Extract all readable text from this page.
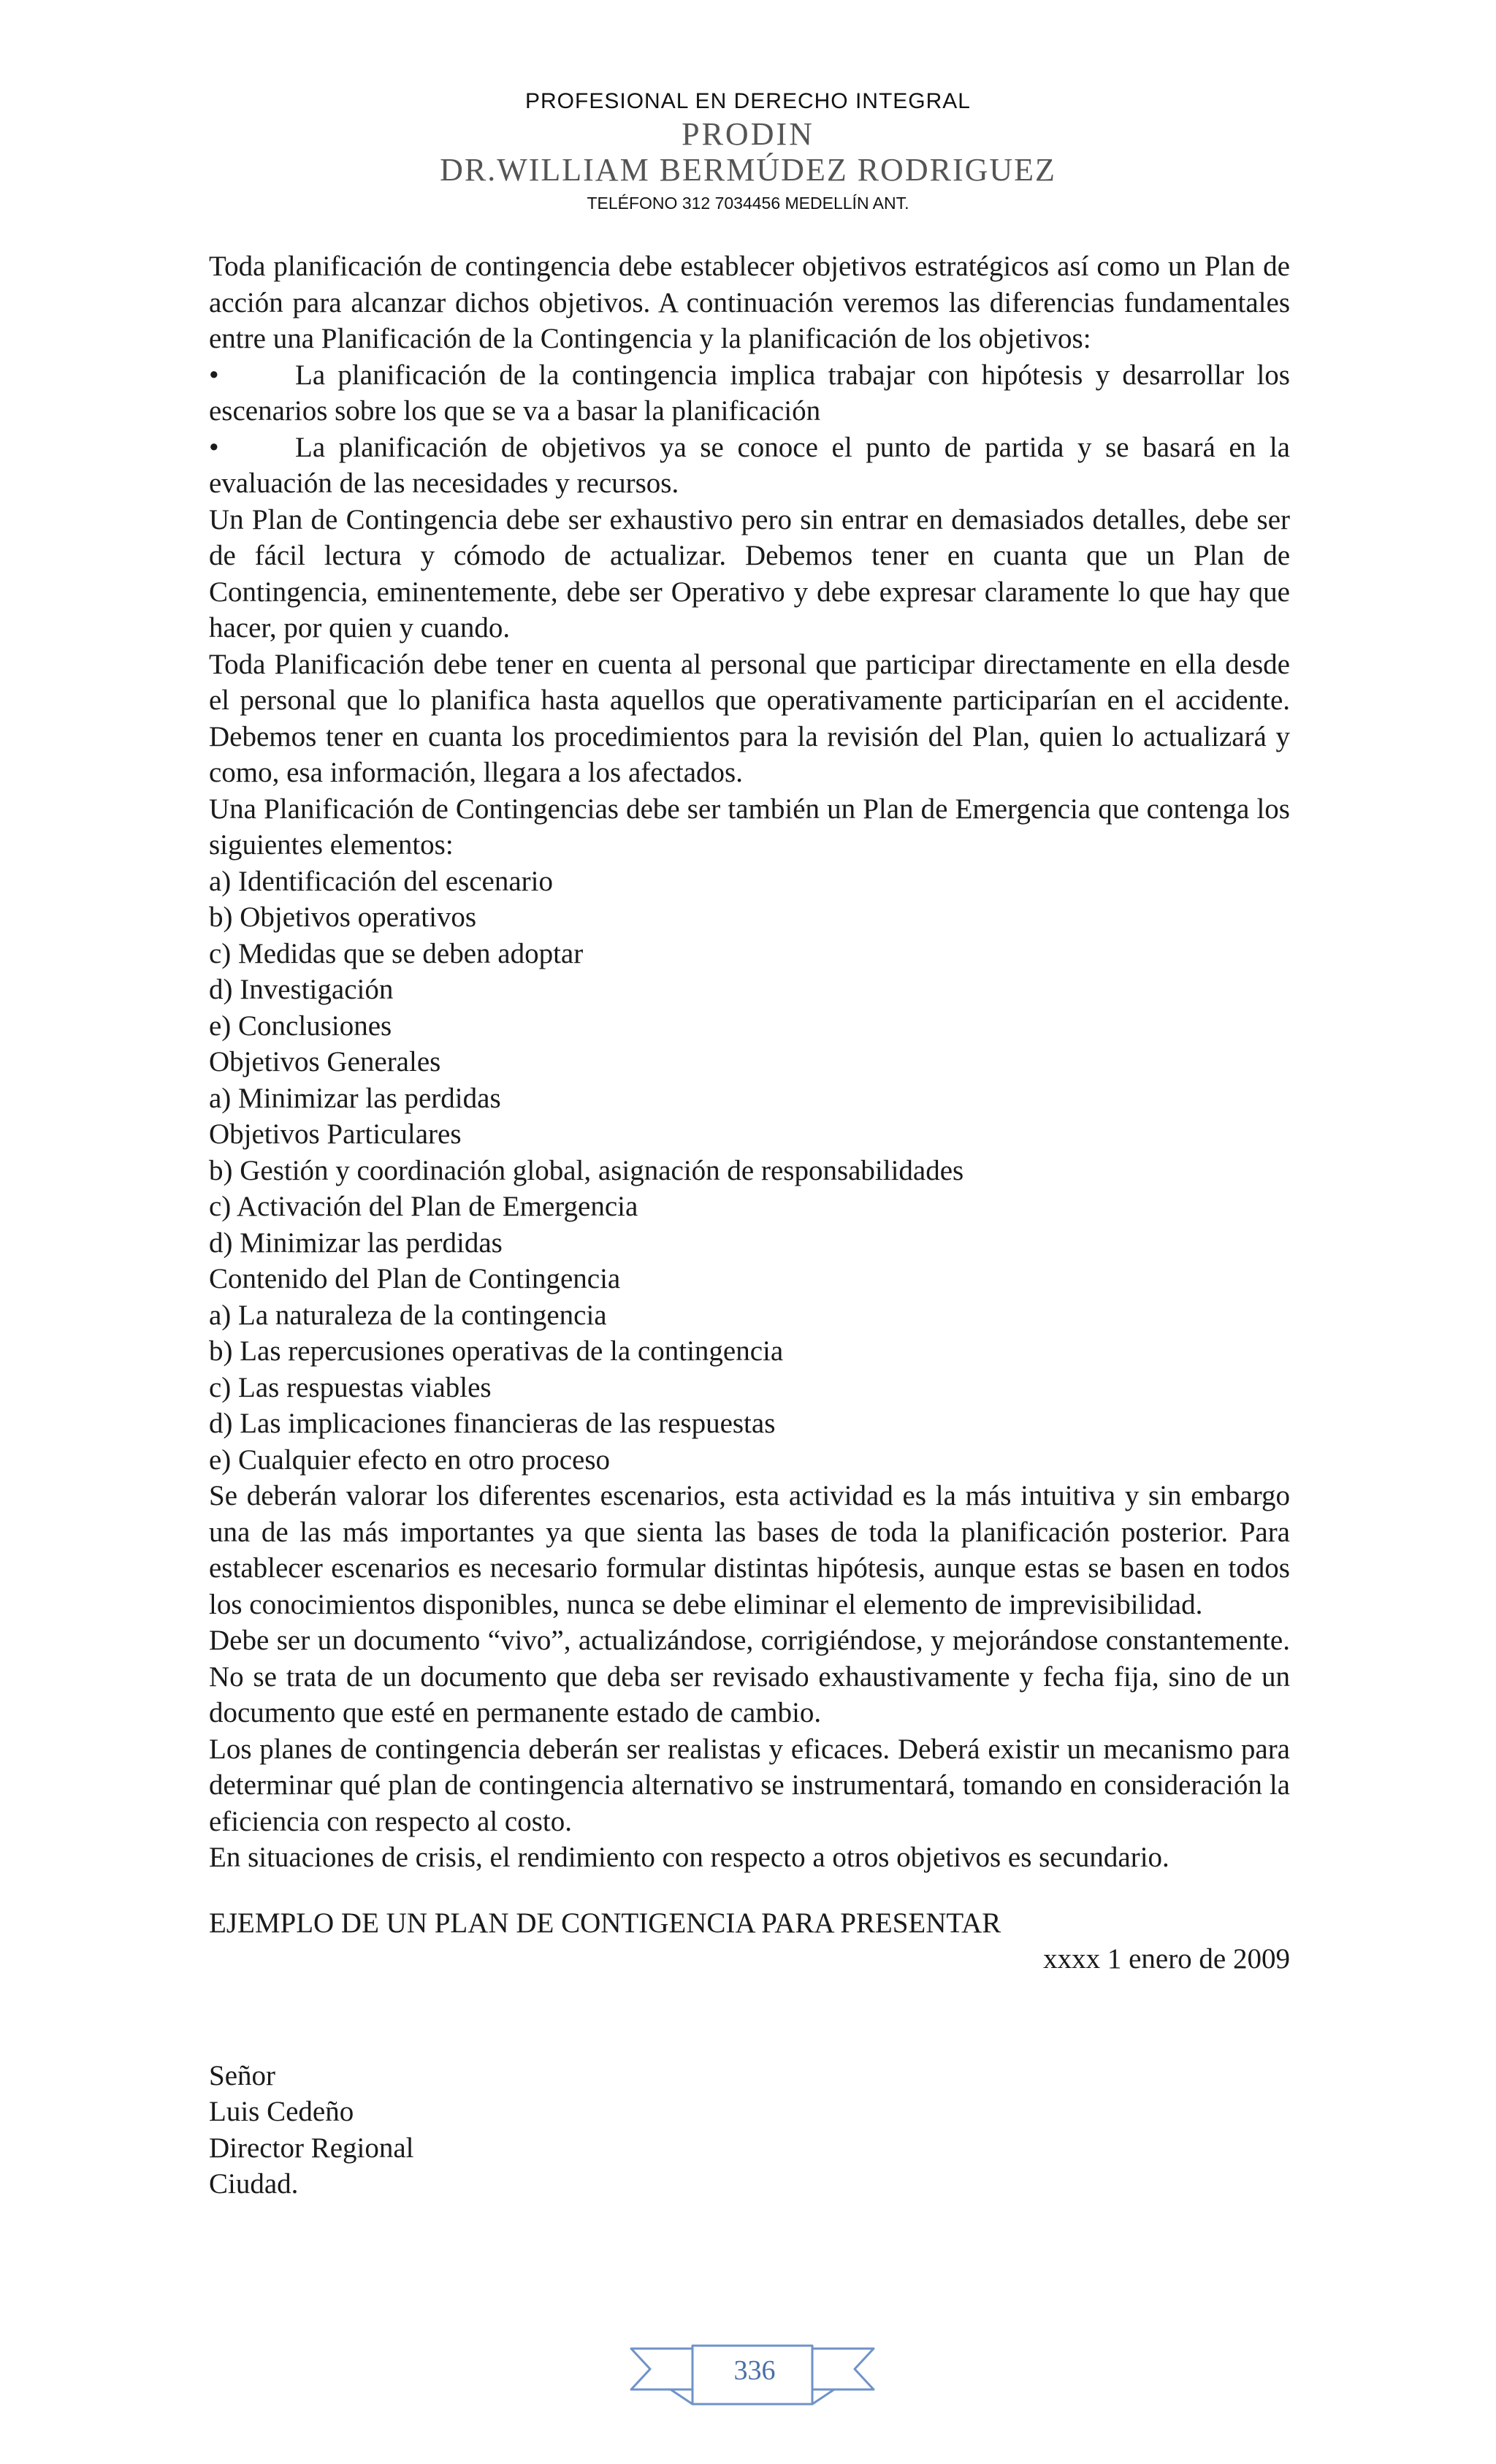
PROFESIONAL EN DERECHO INTEGRAL
PRODIN
DR.WILLIAM BERMÚDEZ RODRIGUEZ
TELÉFONO 312 7034456 MEDELLÍN ANT.

Toda planificación de contingencia debe establecer objetivos estratégicos así como un Plan de acción para alcanzar dichos objetivos. A continuación veremos las diferencias fundamentales entre una Planificación de la Contingencia y la planificación de los objetivos:

•	La planificación de la contingencia implica trabajar con hipótesis y desarrollar los escenarios sobre los que se va a basar la planificación

•	La planificación de objetivos ya se conoce el punto de partida y se basará en la evaluación de las necesidades y recursos.

Un Plan de Contingencia debe ser exhaustivo pero sin entrar en demasiados detalles, debe ser de fácil lectura y cómodo de actualizar. Debemos tener en cuanta que un Plan de Contingencia, eminentemente, debe ser Operativo y debe expresar claramente lo que hay que hacer, por quien y cuando.

Toda Planificación debe tener en cuenta al personal que participar directamente en ella desde el personal que lo planifica hasta aquellos que operativamente participarían en el accidente. Debemos tener en cuanta los procedimientos para la revisión del Plan, quien lo actualizará y como, esa información, llegara a los afectados.

Una Planificación de Contingencias debe ser también un Plan de Emergencia que contenga los siguientes elementos:

a) Identificación del escenario

b) Objetivos operativos

c) Medidas que se deben adoptar

d) Investigación

e) Conclusiones

Objetivos Generales

a) Minimizar las perdidas

Objetivos Particulares

b) Gestión y coordinación global, asignación de responsabilidades

c) Activación del Plan de Emergencia

d) Minimizar las perdidas

Contenido del Plan de Contingencia

a) La naturaleza de la contingencia

b) Las repercusiones operativas de la contingencia

c) Las respuestas viables

d) Las implicaciones financieras de las respuestas

e) Cualquier efecto en otro proceso

Se deberán valorar los diferentes escenarios, esta actividad es la más intuitiva y sin embargo una de las más importantes ya que sienta las bases de toda la planificación posterior. Para establecer escenarios es necesario formular distintas hipótesis, aunque estas se basen en todos los conocimientos disponibles, nunca se debe eliminar el elemento de imprevisibilidad.

Debe ser un documento “vivo”, actualizándose, corrigiéndose, y mejorándose constantemente. No se trata de un documento que deba ser revisado exhaustivamente y fecha fija, sino de un documento que esté en permanente estado de cambio.

Los planes de contingencia deberán ser realistas y eficaces. Deberá existir un mecanismo para determinar qué plan de contingencia alternativo se instrumentará, tomando en consideración la eficiencia con respecto al costo.

En situaciones de crisis, el rendimiento con respecto a otros objetivos es secundario.

EJEMPLO DE UN PLAN DE CONTIGENCIA PARA PRESENTAR

xxxx 1 enero de 2009

Señor

Luis Cedeño

Director Regional

Ciudad.

336
